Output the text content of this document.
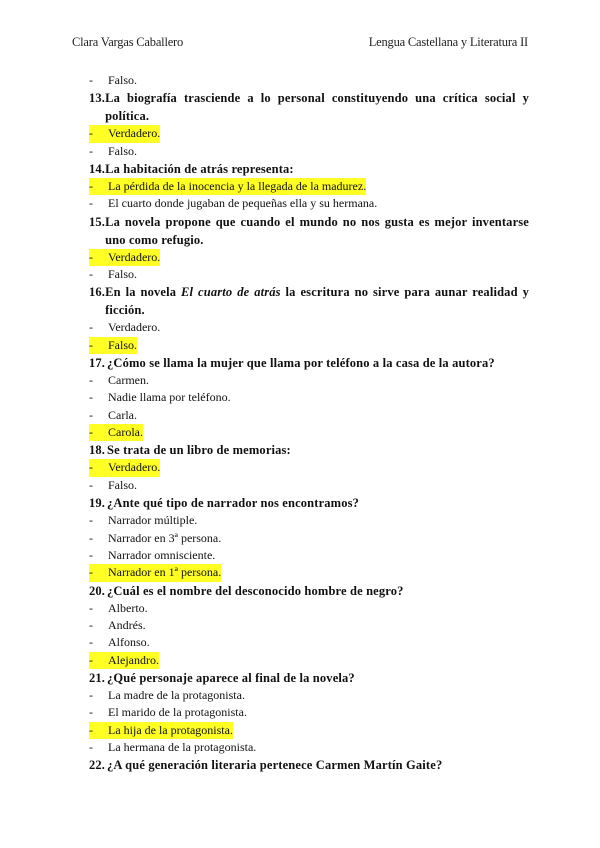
Clara Vargas Caballero	Lengua Castellana y Literatura II
- Falso.
13. La biografía trasciende a lo personal constituyendo una crítica social y política.
-	Verdadero.
- Falso.
14. La habitación de atrás representa:
-	La pérdida de la inocencia y la llegada de la madurez.
- El cuarto donde jugaban de pequeñas ella y su hermana.
15. La novela propone que cuando el mundo no nos gusta es mejor inventarse uno como refugio.
-	Verdadero.
- Falso.
16. En la novela El cuarto de atrás la escritura no sirve para aunar realidad y ficción.
- Verdadero.
-	Falso.
17. ¿Cómo se llama la mujer que llama por teléfono a la casa de la autora?
- Carmen.
- Nadie llama por teléfono.
- Carla.
-	Carola.
18. Se trata de un libro de memorias:
-	Verdadero.
- Falso.
19. ¿Ante qué tipo de narrador nos encontramos?
- Narrador múltiple.
- Narrador en 3ª persona.
- Narrador omnisciente.
-	Narrador en 1ª persona.
20. ¿Cuál es el nombre del desconocido hombre de negro?
- Alberto.
- Andrés.
- Alfonso.
-	Alejandro.
21. ¿Qué personaje aparece al final de la novela?
- La madre de la protagonista.
- El marido de la protagonista.
-	La hija de la protagonista.
- La hermana de la protagonista.
22. ¿A qué generación literaria pertenece Carmen Martín Gaite?
